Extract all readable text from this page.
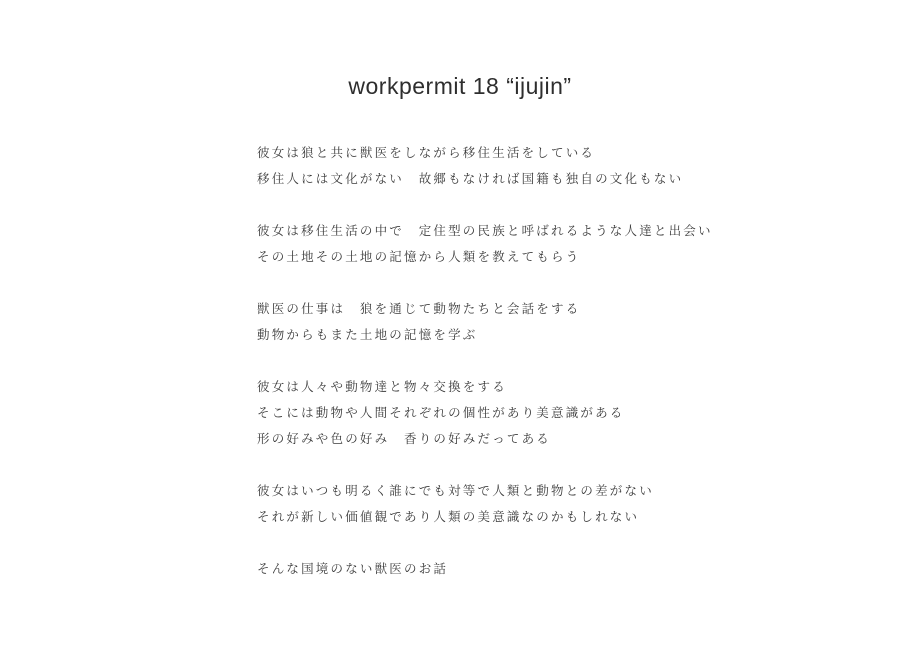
workpermit 18 “ijujin”

彼女は狼と共に獣医をしながら移住生活をしている

移住人には文化がない　故郷もなければ国籍も独自の文化もない

彼女は移住生活の中で　定住型の民族と呼ばれるような人達と出会い

その土地その土地の記憶から人類を教えてもらう

獣医の仕事は　狼を通じて動物たちと会話をする

動物からもまた土地の記憶を学ぶ

彼女は人々や動物達と物々交換をする

そこには動物や人間それぞれの個性があり美意識がある

形の好みや色の好み　香りの好みだってある

彼女はいつも明るく誰にでも対等で人類と動物との差がない

それが新しい価値観であり人類の美意識なのかもしれない

そんな国境のない獣医のお話
